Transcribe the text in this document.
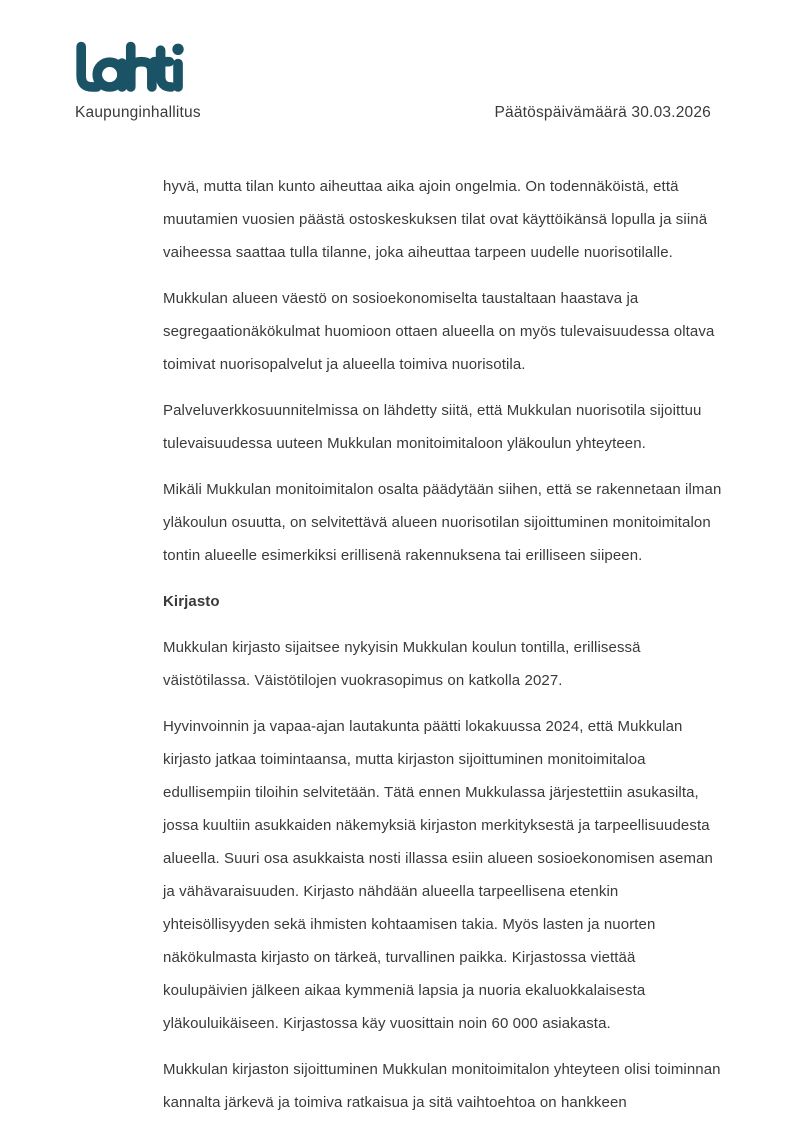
Kaupunginhallitus	Päätöspäivämäärä 30.03.2026

hyvä, mutta tilan kunto aiheuttaa aika ajoin ongelmia. On todennäköistä, että muutamien vuosien päästä ostoskeskuksen tilat ovat käyttöikänsä lopulla ja siinä vaiheessa saattaa tulla tilanne, joka aiheuttaa tarpeen uudelle nuorisotilalle.

Mukkulan alueen väestö on sosioekonomiselta taustaltaan haastava ja segregaationäkökulmat huomioon ottaen alueella on myös tulevaisuudessa oltava toimivat nuorisopalvelut ja alueella toimiva nuorisotila.

Palveluverkkosuunnitelmissa on lähdetty siitä, että Mukkulan nuorisotila sijoittuu tulevaisuudessa uuteen Mukkulan monitoimitaloon yläkoulun yhteyteen.

Mikäli Mukkulan monitoimitalon osalta päädytään siihen, että se rakennetaan ilman yläkoulun osuutta, on selvitettävä alueen nuorisotilan sijoittuminen monitoimitalon tontin alueelle esimerkiksi erillisenä rakennuksena tai erilliseen siipeen.

Kirjasto

Mukkulan kirjasto sijaitsee nykyisin Mukkulan koulun tontilla, erillisessä väistötilassa. Väistötilojen vuokrasopimus on katkolla 2027.

Hyvinvoinnin ja vapaa-ajan lautakunta päätti lokakuussa 2024, että Mukkulan kirjasto jatkaa toimintaansa, mutta kirjaston sijoittuminen monitoimitaloa edullisempiin tiloihin selvitetään. Tätä ennen Mukkulassa järjestettiin asukasilta, jossa kuultiin asukkaiden näkemyksiä kirjaston merkityksestä ja tarpeellisuudesta alueella. Suuri osa asukkaista nosti illassa esiin alueen sosioekonomisen aseman ja vähävaraisuuden. Kirjasto nähdään alueella tarpeellisena etenkin yhteisöllisyyden sekä ihmisten kohtaamisen takia. Myös lasten ja nuorten näkökulmasta kirjasto on tärkeä, turvallinen paikka. Kirjastossa viettää koulupäivien jälkeen aikaa kymmeniä lapsia ja nuoria ekaluokkalaisesta yläkouluikäiseen. Kirjastossa käy vuosittain noin 60 000 asiakasta.

Mukkulan kirjaston sijoittuminen Mukkulan monitoimitalon yhteyteen olisi toiminnan kannalta järkevä ja toimiva ratkaisua ja sitä vaihtoehtoa on hankkeen
